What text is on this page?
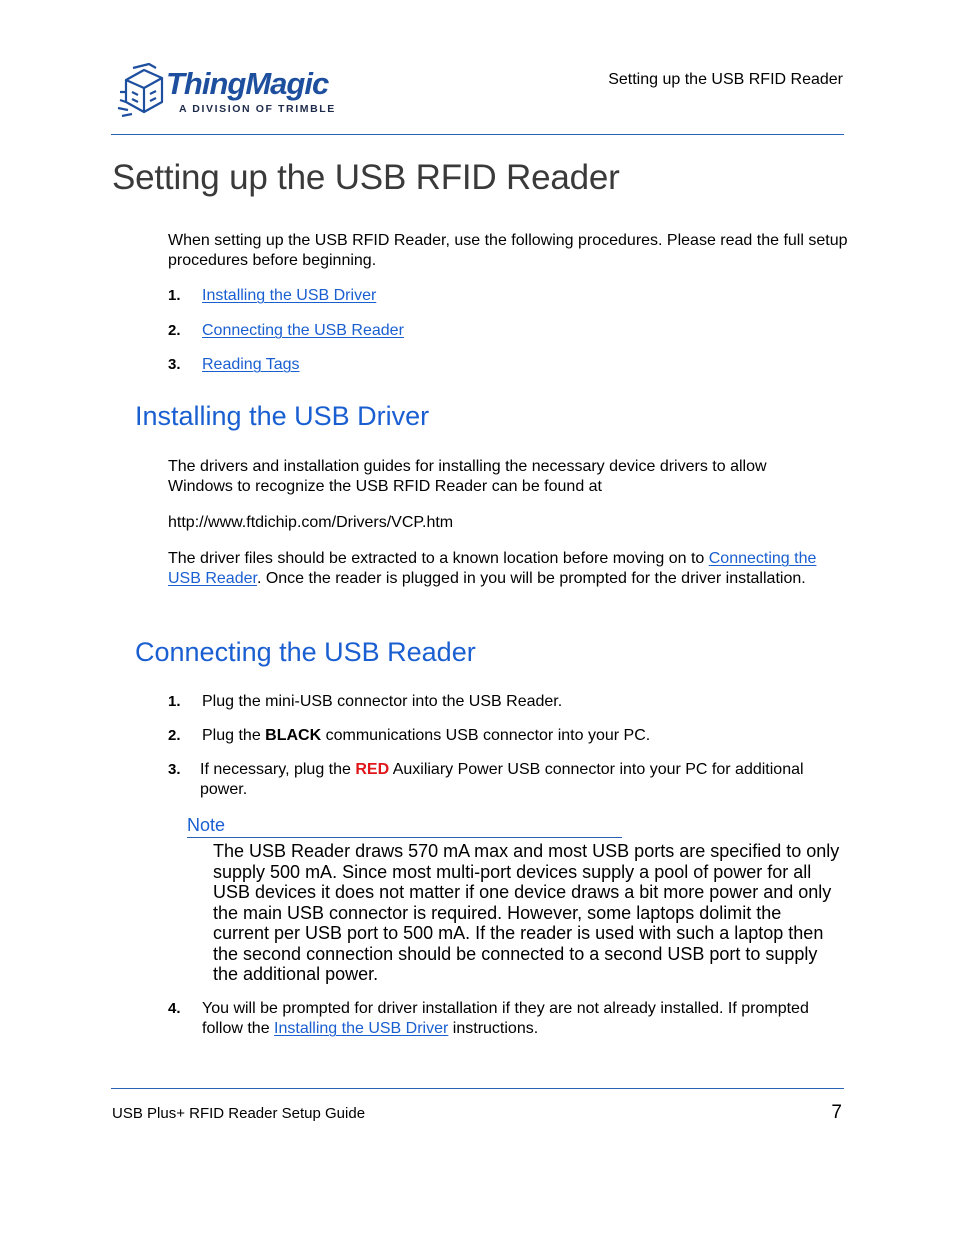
ThingMagic
A DIVISION OF TRIMBLE
Setting up the USB RFID Reader
Setting up the USB RFID Reader
When setting up the USB RFID Reader, use the following procedures. Please read the full setup procedures before beginning.
1. Installing the USB Driver
2. Connecting the USB Reader
3. Reading Tags
Installing the USB Driver
The drivers and installation guides for installing the necessary device drivers to allow Windows to recognize the USB RFID Reader can be found at
http://www.ftdichip.com/Drivers/VCP.htm
The driver files should be extracted to a known location before moving on to Connecting the USB Reader. Once the reader is plugged in you will be prompted for the driver installation.
Connecting the USB Reader
1. Plug the mini-USB connector into the USB Reader.
2. Plug the BLACK communications USB connector into your PC.
3. If necessary, plug the RED Auxiliary Power USB connector into your PC for additional power.
Note
The USB Reader draws 570 mA max and most USB ports are specified to only supply 500 mA. Since most multi-port devices supply a pool of power for all USB devices it does not matter if one device draws a bit more power and only the main USB connector is required. However, some laptops dolimit the current per USB port to 500 mA. If the reader is used with such a laptop then the second connection should be connected to a second USB port to supply the additional power.
4. You will be prompted for driver installation if they are not already installed. If prompted follow the Installing the USB Driver instructions.
USB Plus+ RFID Reader Setup Guide	7
